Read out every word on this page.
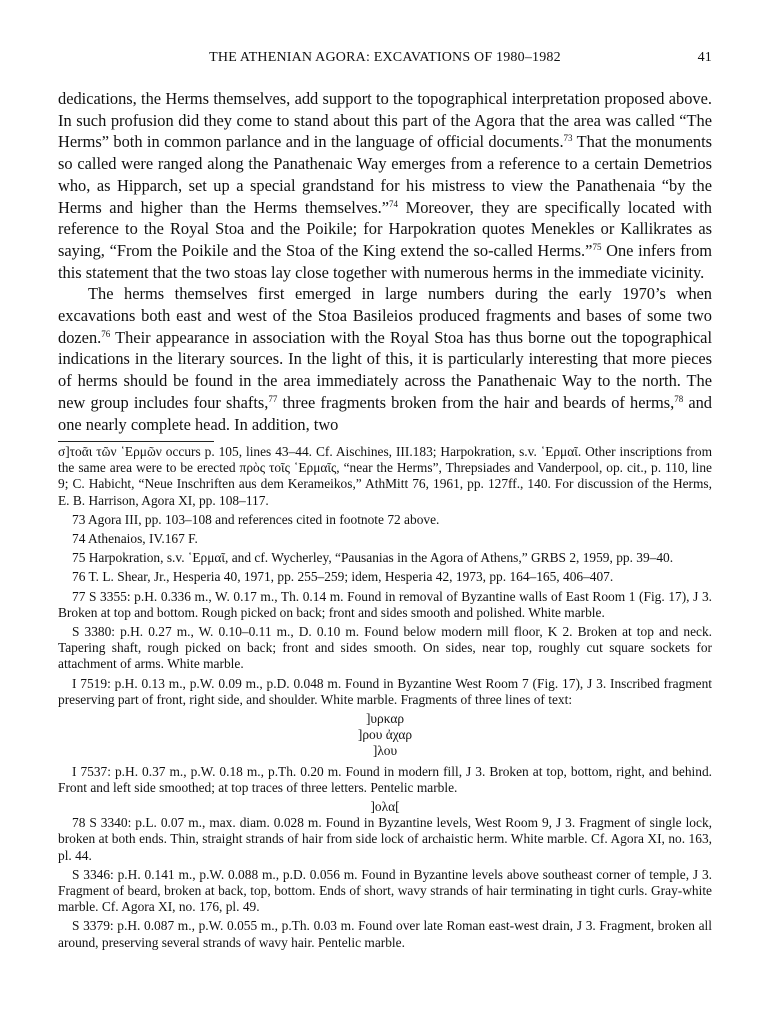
THE ATHENIAN AGORA: EXCAVATIONS OF 1980–1982	41

dedications, the Herms themselves, add support to the topographical interpretation proposed above. In such profusion did they come to stand about this part of the Agora that the area was called “The Herms” both in common parlance and in the language of official documents.$^{73}$ That the monuments so called were ranged along the Panathenaic Way emerges from a reference to a certain Demetrios who, as Hipparch, set up a special grandstand for his mistress to view the Panathenaia “by the Herms and higher than the Herms themselves.”$^{74}$ Moreover, they are specifically located with reference to the Royal Stoa and the Poikile; for Harpokration quotes Menekles or Kallikrates as saying, “From the Poikile and the Stoa of the King extend the so-called Herms.”$^{75}$ One infers from this statement that the two stoas lay close together with numerous herms in the immediate vicinity.

The herms themselves first emerged in large numbers during the early 1970’s when excavations both east and west of the Stoa Basileios produced fragments and bases of some two dozen.$^{76}$ Their appearance in association with the Royal Stoa has thus borne out the topographical indications in the literary sources. In the light of this, it is particularly interesting that more pieces of herms should be found in the area immediately across the Panathenaic Way to the north. The new group includes four shafts,$^{77}$ three fragments broken from the hair and beards of herms,$^{78}$ and one nearly complete head. In addition, two

σ]τοᾶι τῶν ῾Ερμῶν occurs p. 105, lines 43–44. Cf. Aischines, III.183; Harpokration, s.v. ῾Ερμαῖ. Other inscriptions from the same area were to be erected πρὸς τοῖς ῾Ερμαῖς, “near the Herms”, Threpsiades and Vanderpool, op. cit., p. 110, line 9; C. Habicht, “Neue Inschriften aus dem Kerameikos,” AthMitt 76, 1961, pp. 127ff., 140. For discussion of the Herms, E. B. Harrison, Agora XI, pp. 108–117.

73 Agora III, pp. 103–108 and references cited in footnote 72 above.

74 Athenaios, IV.167 F.

75 Harpokration, s.v. ῾Ερμαῖ, and cf. Wycherley, “Pausanias in the Agora of Athens,” GRBS 2, 1959, pp. 39–40.

76 T. L. Shear, Jr., Hesperia 40, 1971, pp. 255–259; idem, Hesperia 42, 1973, pp. 164–165, 406–407.

77 S 3355: p.H. 0.336 m., W. 0.17 m., Th. 0.14 m. Found in removal of Byzantine walls of East Room 1 (Fig. 17), J 3. Broken at top and bottom. Rough picked on back; front and sides smooth and polished. White marble.

S 3380: p.H. 0.27 m., W. 0.10–0.11 m., D. 0.10 m. Found below modern mill floor, K 2. Broken at top and neck. Tapering shaft, rough picked on back; front and sides smooth. On sides, near top, roughly cut square sockets for attachment of arms. White marble.

I 7519: p.H. 0.13 m., p.W. 0.09 m., p.D. 0.048 m. Found in Byzantine West Room 7 (Fig. 17), J 3. Inscribed fragment preserving part of front, right side, and shoulder. White marble. Fragments of three lines of text:

]υρκαρ

]ρου ἀχαρ

]λου

I 7537: p.H. 0.37 m., p.W. 0.18 m., p.Th. 0.20 m. Found in modern fill, J 3. Broken at top, bottom, right, and behind. Front and left side smoothed; at top traces of three letters. Pentelic marble.

]ολα[

78 S 3340: p.L. 0.07 m., max. diam. 0.028 m. Found in Byzantine levels, West Room 9, J 3. Fragment of single lock, broken at both ends. Thin, straight strands of hair from side lock of archaistic herm. White marble. Cf. Agora XI, no. 163, pl. 44.

S 3346: p.H. 0.141 m., p.W. 0.088 m., p.D. 0.056 m. Found in Byzantine levels above southeast corner of temple, J 3. Fragment of beard, broken at back, top, bottom. Ends of short, wavy strands of hair terminating in tight curls. Gray-white marble. Cf. Agora XI, no. 176, pl. 49.

S 3379: p.H. 0.087 m., p.W. 0.055 m., p.Th. 0.03 m. Found over late Roman east-west drain, J 3. Fragment, broken all around, preserving several strands of wavy hair. Pentelic marble.
